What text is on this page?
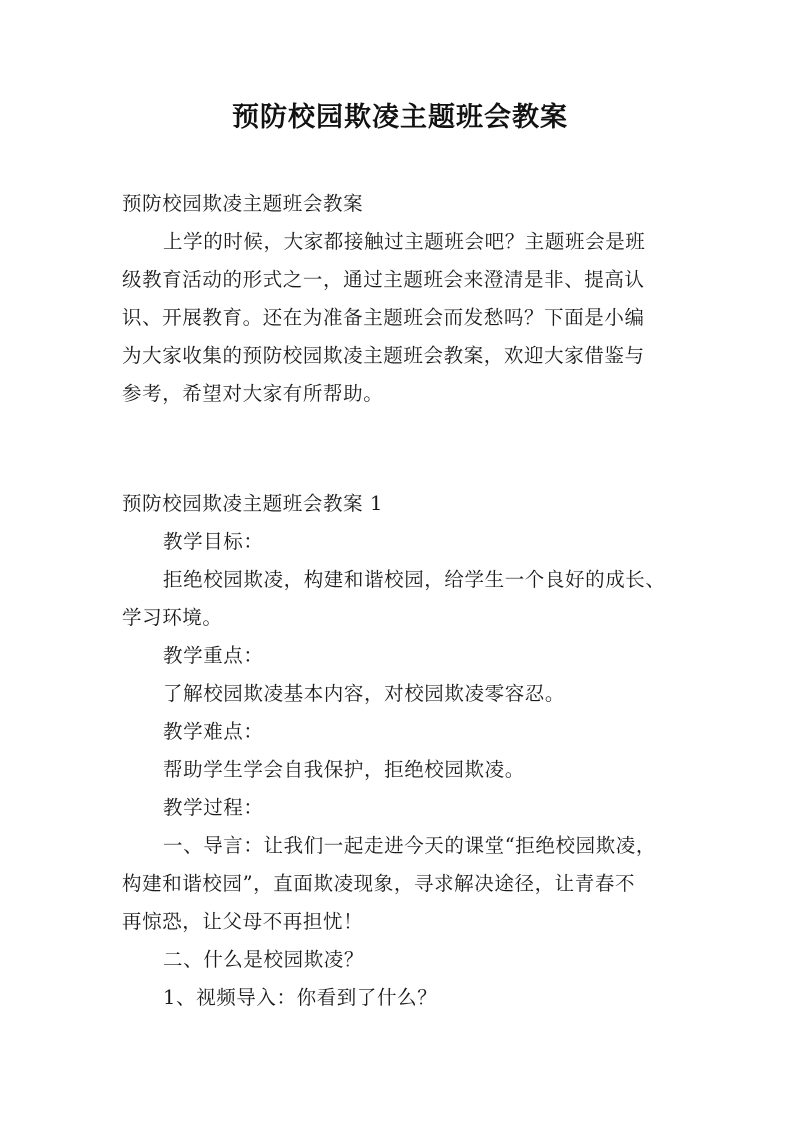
预防校园欺凌主题班会教案
预防校园欺凌主题班会教案
上学的时候，大家都接触过主题班会吧？主题班会是班
级教育活动的形式之一，通过主题班会来澄清是非、提高认
识、开展教育。还在为准备主题班会而发愁吗？下面是小编
为大家收集的预防校园欺凌主题班会教案，欢迎大家借鉴与
参考，希望对大家有所帮助。
预防校园欺凌主题班会教案 1
教学目标：
拒绝校园欺凌，构建和谐校园，给学生一个良好的成长、
学习环境。
教学重点：
了解校园欺凌基本内容，对校园欺凌零容忍。
教学难点：
帮助学生学会自我保护，拒绝校园欺凌。
教学过程：
一、导言：让我们一起走进今天的课堂“拒绝校园欺凌，
构建和谐校园”，直面欺凌现象，寻求解决途径，让青春不
再惊恐，让父母不再担忧！
二、什么是校园欺凌？
1、视频导入：你看到了什么？
